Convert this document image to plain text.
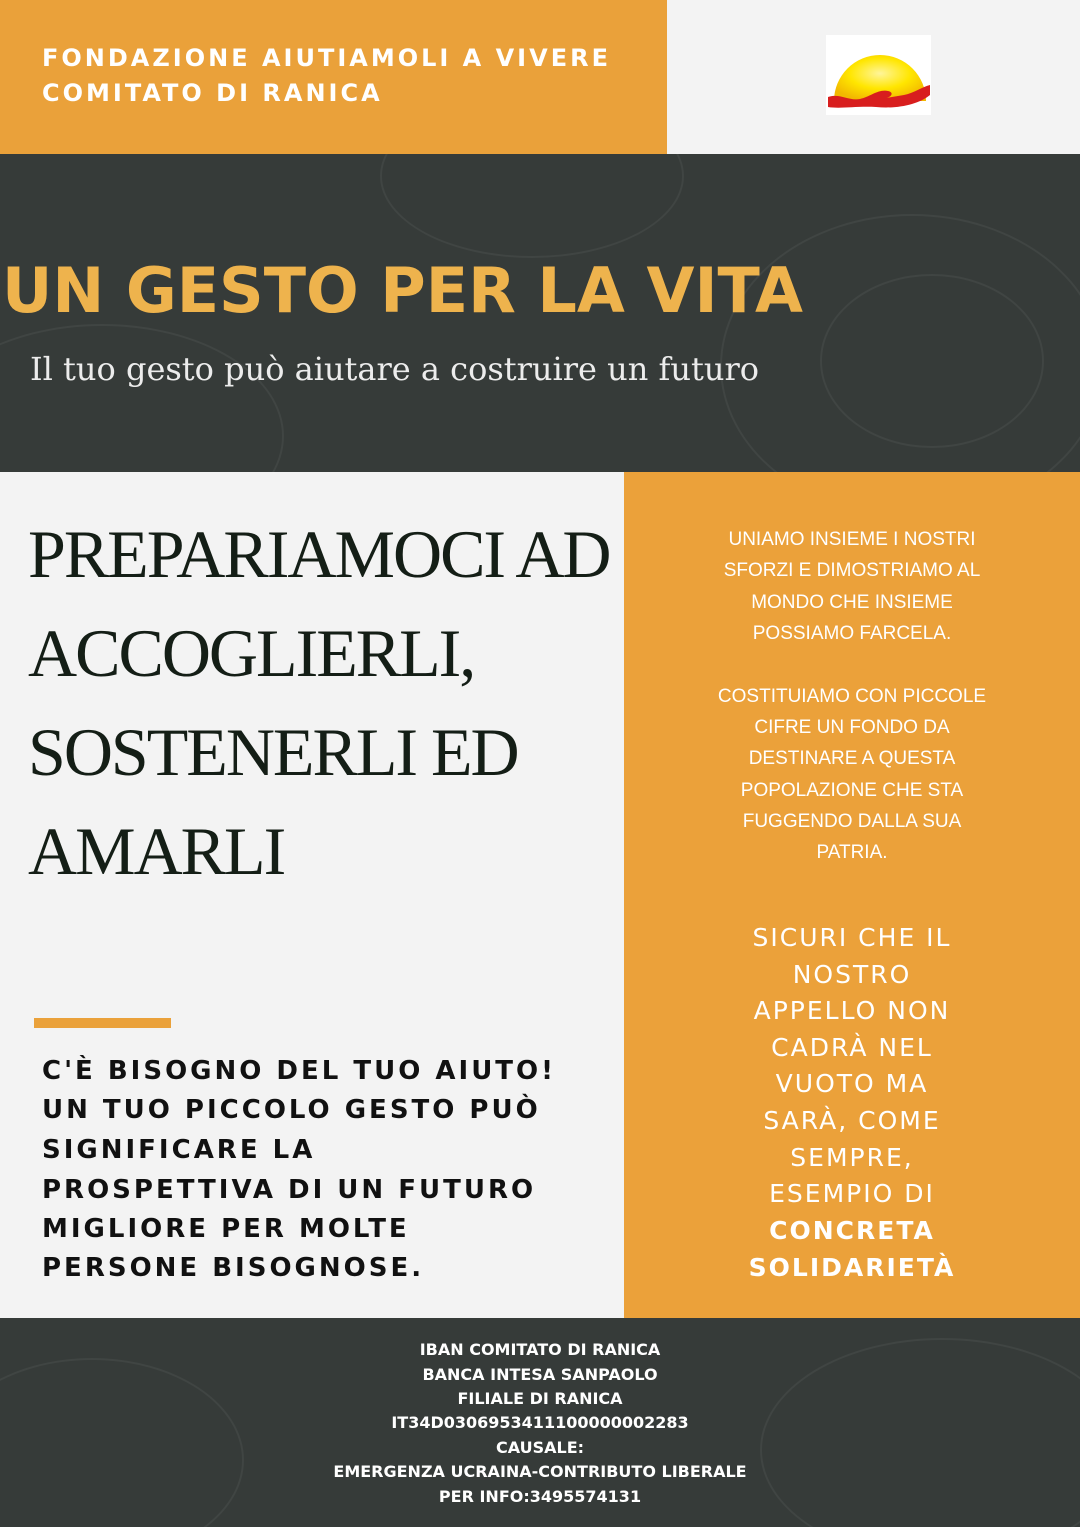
FONDAZIONE AIUTIAMOLI A VIVERE
COMITATO DI RANICA
UN GESTO PER LA VITA
Il tuo gesto può aiutare a costruire un futuro
PREPARIAMOCI AD
ACCOGLIERLI,
SOSTENERLI ED
AMARLI
C'È BISOGNO DEL TUO AIUTO!
UN TUO PICCOLO GESTO PUÒ
SIGNIFICARE LA
PROSPETTIVA DI UN FUTURO
MIGLIORE PER MOLTE
PERSONE BISOGNOSE.
UNIAMO INSIEME I NOSTRI
SFORZI E DIMOSTRIAMO AL
MONDO CHE INSIEME
POSSIAMO FARCELA.
COSTITUIAMO CON PICCOLE
CIFRE UN FONDO DA
DESTINARE A QUESTA
POPOLAZIONE CHE STA
FUGGENDO DALLA SUA
PATRIA.
SICURI CHE IL
NOSTRO
APPELLO NON
CADRÀ NEL
VUOTO MA
SARÀ, COME
SEMPRE,
ESEMPIO DI
CONCRETA
SOLIDARIETÀ
IBAN COMITATO DI RANICA
BANCA INTESA SANPAOLO
FILIALE DI RANICA
IT34D0306953411100000002283
CAUSALE:
EMERGENZA UCRAINA-CONTRIBUTO LIBERALE
PER INFO:3495574131
